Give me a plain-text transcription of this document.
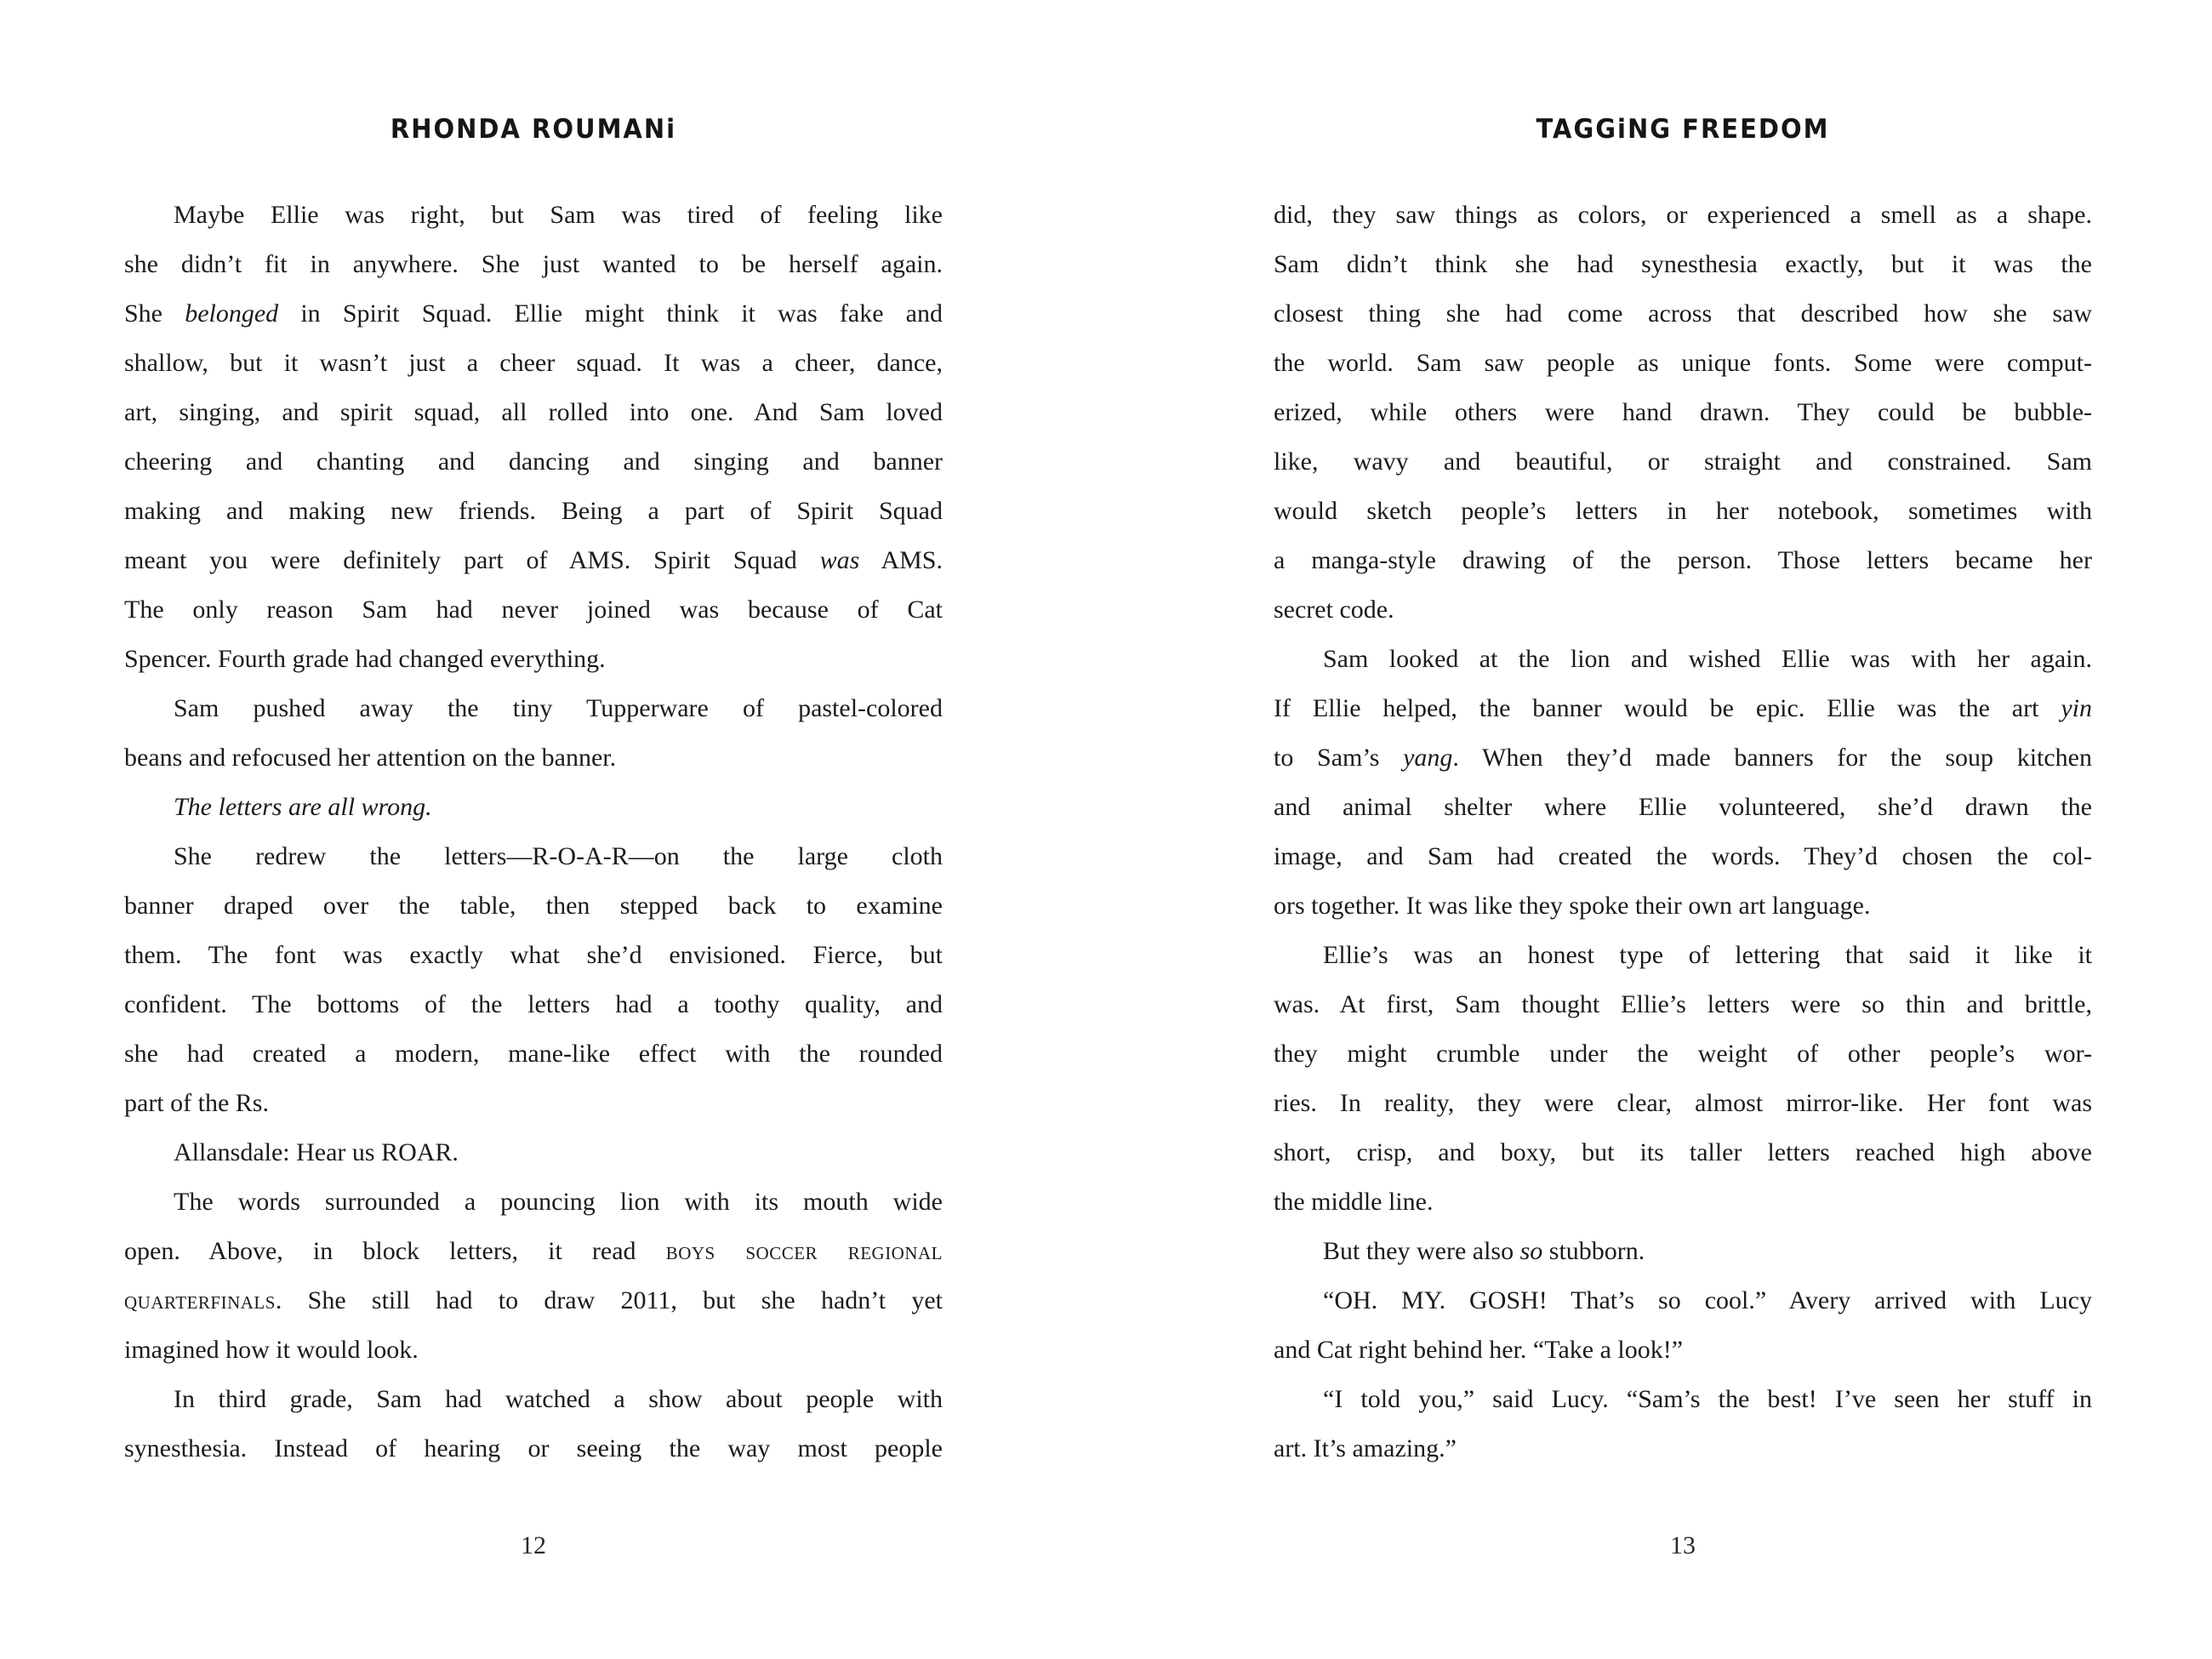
RHONDA ROUMANi
Maybe Ellie was right, but Sam was tired of feeling like
she didn’t fit in anywhere. She just wanted to be herself again.
She belonged in Spirit Squad. Ellie might think it was fake and
shallow, but it wasn’t just a cheer squad. It was a cheer, dance,
art, singing, and spirit squad, all rolled into one. And Sam loved
cheering and chanting and dancing and singing and banner
making and making new friends. Being a part of Spirit Squad
meant you were definitely part of AMS. Spirit Squad was AMS.
The only reason Sam had never joined was because of Cat
Spencer. Fourth grade had changed everything.
Sam pushed away the tiny Tupperware of pastel-colored
beans and refocused her attention on the banner.
The letters are all wrong.
She redrew the letters—R-O-A-R—on the large cloth
banner draped over the table, then stepped back to examine
them. The font was exactly what she’d envisioned. Fierce, but
confident. The bottoms of the letters had a toothy quality, and
she had created a modern, mane-like effect with the rounded
part of the Rs.
Allansdale: Hear us ROAR.
The words surrounded a pouncing lion with its mouth wide
open. Above, in block letters, it read boys soccer regional
quarterfinals. She still had to draw 2011, but she hadn’t yet
imagined how it would look.
In third grade, Sam had watched a show about people with
synesthesia. Instead of hearing or seeing the way most people
12
TAGGiNG FREEDOM
did, they saw things as colors, or experienced a smell as a shape.
Sam didn’t think she had synesthesia exactly, but it was the
closest thing she had come across that described how she saw
the world. Sam saw people as unique fonts. Some were comput-
erized, while others were hand drawn. They could be bubble-
like, wavy and beautiful, or straight and constrained. Sam
would sketch people’s letters in her notebook, sometimes with
a manga-style drawing of the person. Those letters became her
secret code.
Sam looked at the lion and wished Ellie was with her again.
If Ellie helped, the banner would be epic. Ellie was the art yin
to Sam’s yang. When they’d made banners for the soup kitchen
and animal shelter where Ellie volunteered, she’d drawn the
image, and Sam had created the words. They’d chosen the col-
ors together. It was like they spoke their own art language.
Ellie’s was an honest type of lettering that said it like it
was. At first, Sam thought Ellie’s letters were so thin and brittle,
they might crumble under the weight of other people’s wor-
ries. In reality, they were clear, almost mirror-like. Her font was
short, crisp, and boxy, but its taller letters reached high above
the middle line.
But they were also so stubborn.
“OH. MY. GOSH! That’s so cool.” Avery arrived with Lucy
and Cat right behind her. “Take a look!”
“I told you,” said Lucy. “Sam’s the best! I’ve seen her stuff in
art. It’s amazing.”
13
